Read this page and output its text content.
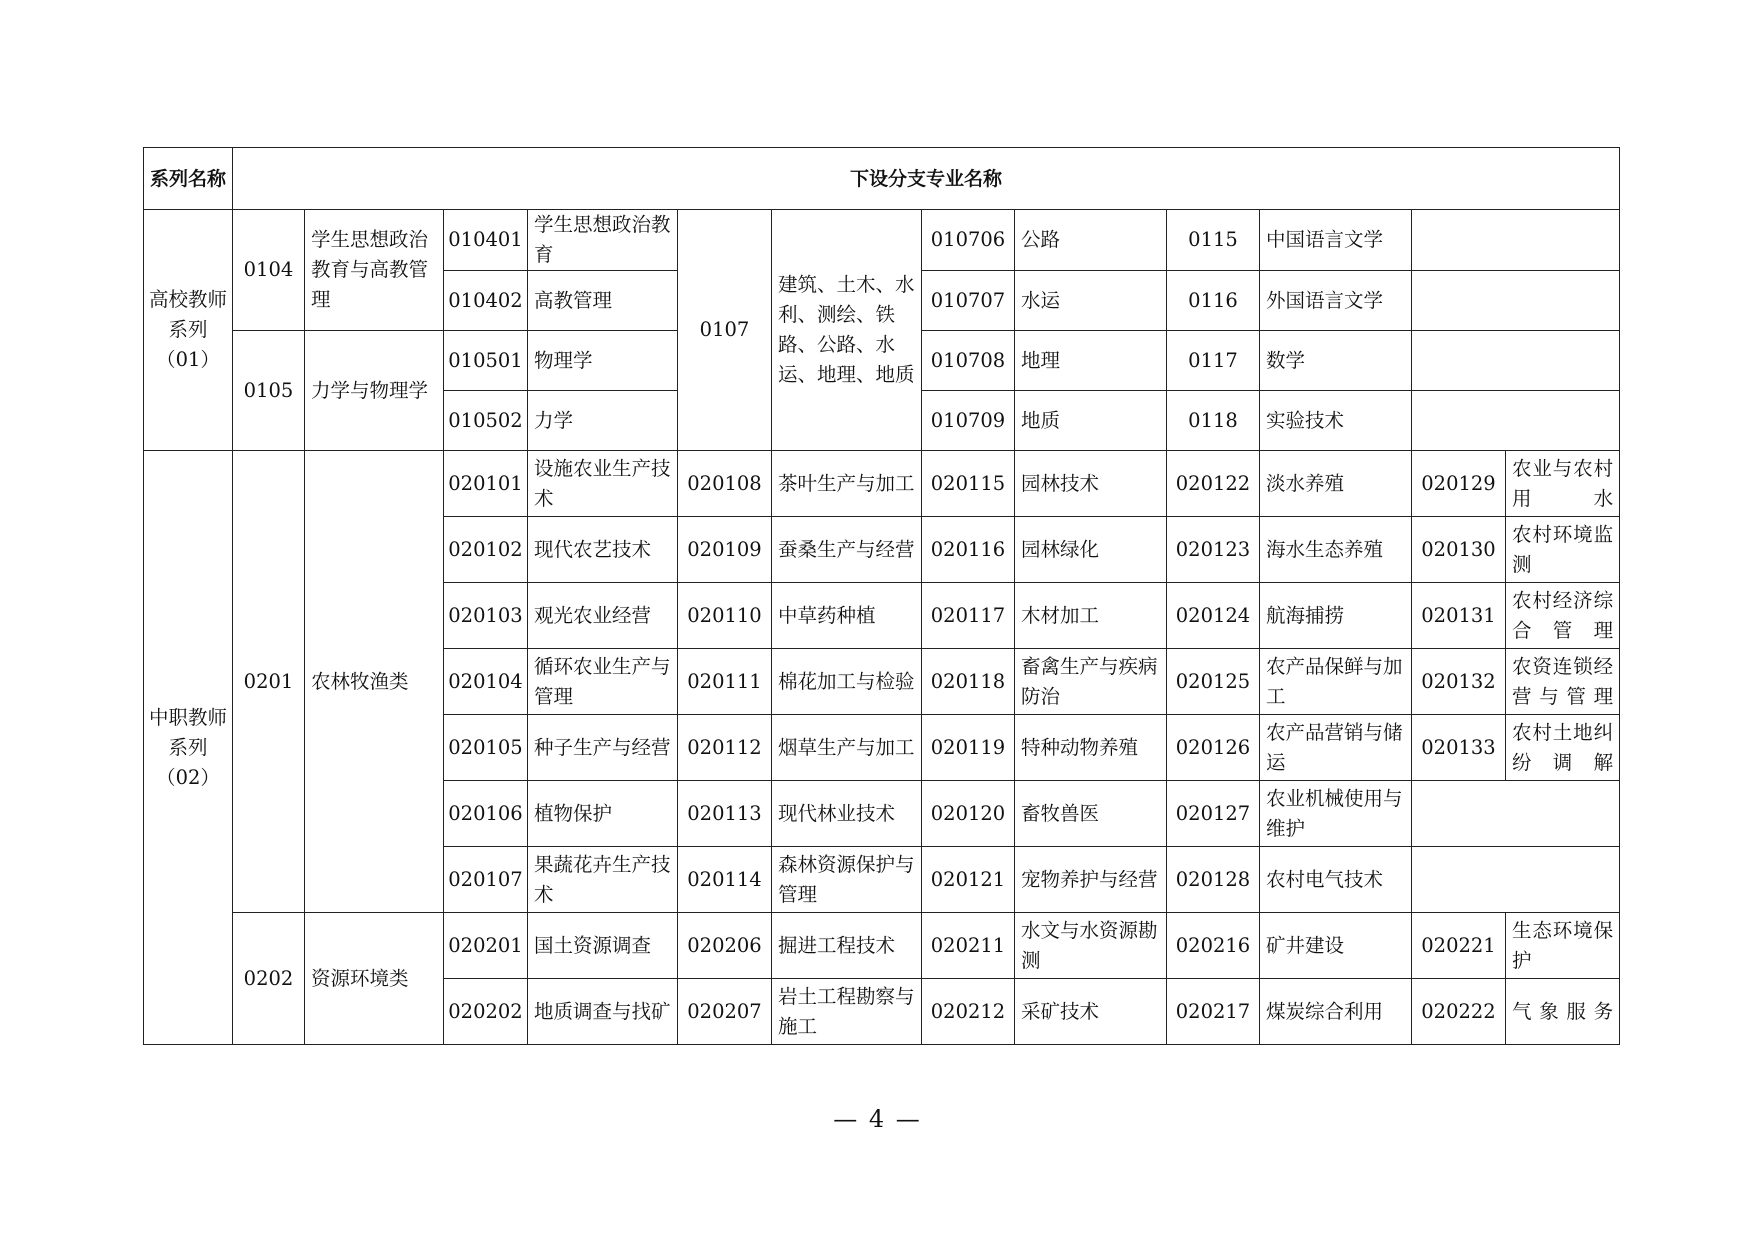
系列名称	下设分支专业名称											
高校教师系列（01）	0104	学生思想政治教育与高教管理	010401	学生思想政治教育	0107	建筑、土木、水利、测绘、铁路、公路、水运、地理、地质	010706	公路	0115	中国语言文学		
			010402	高教管理			010707	水运	0116	外国语言文学		
	0105	力学与物理学	010501	物理学			010708	地理	0117	数学		
			010502	力学			010709	地质	0118	实验技术		
中职教师系列（02）	0201	农林牧渔类	020101	设施农业生产技术	020108	茶叶生产与加工	020115	园林技术	020122	淡水养殖	020129	农业与农村用水
			020102	现代农艺技术	020109	蚕桑生产与经营	020116	园林绿化	020123	海水生态养殖	020130	农村环境监测
			020103	观光农业经营	020110	中草药种植	020117	木材加工	020124	航海捕捞	020131	农村经济综合管理
			020104	循环农业生产与管理	020111	棉花加工与检验	020118	畜禽生产与疾病防治	020125	农产品保鲜与加工	020132	农资连锁经营与管理
			020105	种子生产与经营	020112	烟草生产与加工	020119	特种动物养殖	020126	农产品营销与储运	020133	农村土地纠纷调解
			020106	植物保护	020113	现代林业技术	020120	畜牧兽医	020127	农业机械使用与维护		
			020107	果蔬花卉生产技术	020114	森林资源保护与管理	020121	宠物养护与经营	020128	农村电气技术		
	0202	资源环境类	020201	国土资源调查	020206	掘进工程技术	020211	水文与水资源勘测	020216	矿井建设	020221	生态环境保护
			020202	地质调查与找矿	020207	岩土工程勘察与施工	020212	采矿技术	020217	煤炭综合利用	020222	气象服务
— 4 —
